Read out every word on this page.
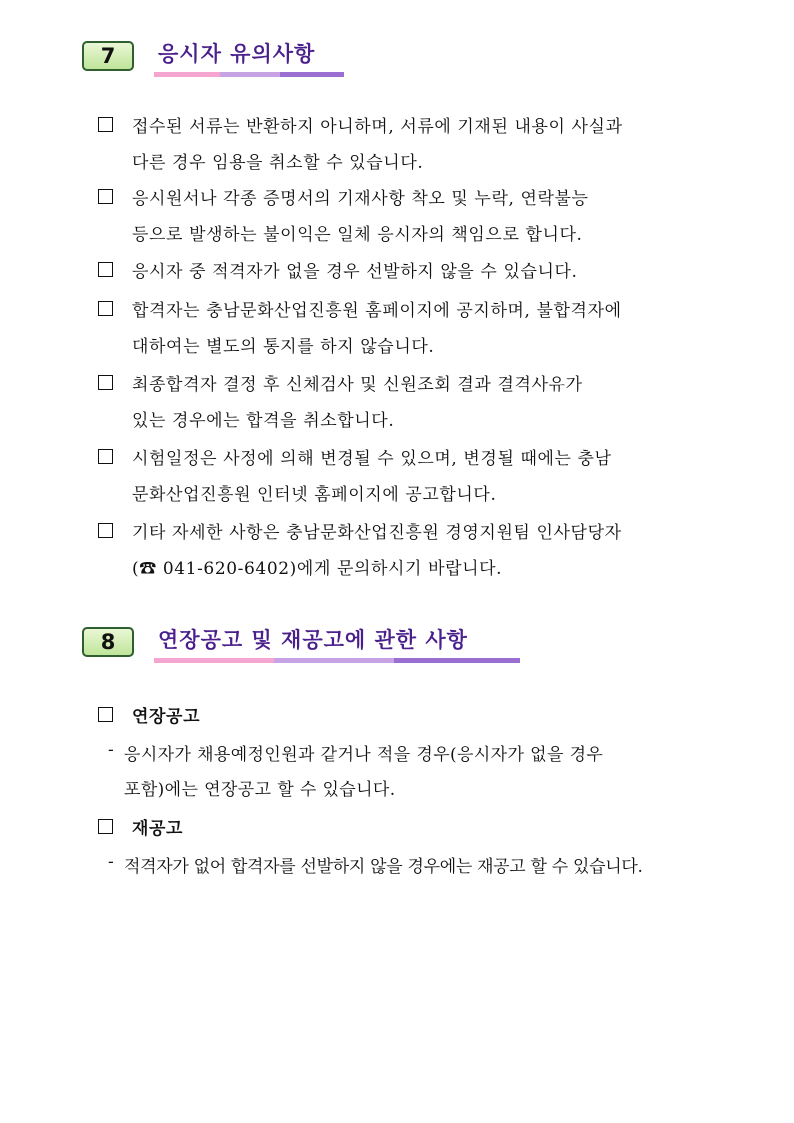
7	응시자 유의사항
접수된 서류는 반환하지 아니하며, 서류에 기재된 내용이 사실과
다른 경우 임용을 취소할 수 있습니다.
응시원서나 각종 증명서의 기재사항 착오 및 누락, 연락불능
등으로 발생하는 불이익은 일체 응시자의 책임으로 합니다.
응시자 중 적격자가 없을 경우 선발하지 않을 수 있습니다.
합격자는 충남문화산업진흥원 홈페이지에 공지하며, 불합격자에
대하여는 별도의 통지를 하지 않습니다.
최종합격자 결정 후 신체검사 및 신원조회 결과 결격사유가
있는 경우에는 합격을 취소합니다.
시험일정은 사정에 의해 변경될 수 있으며, 변경될 때에는 충남
문화산업진흥원 인터넷 홈페이지에 공고합니다.
기타 자세한 사항은 충남문화산업진흥원 경영지원팀 인사담당자
(☎ 041-620-6402)에게 문의하시기 바랍니다.
8	연장공고 및 재공고에 관한 사항
연장공고
- 응시자가 채용예정인원과 같거나 적을 경우(응시자가 없을 경우
포함)에는 연장공고 할 수 있습니다.
재공고
- 적격자가 없어 합격자를 선발하지 않을 경우에는 재공고 할 수 있습니다.
